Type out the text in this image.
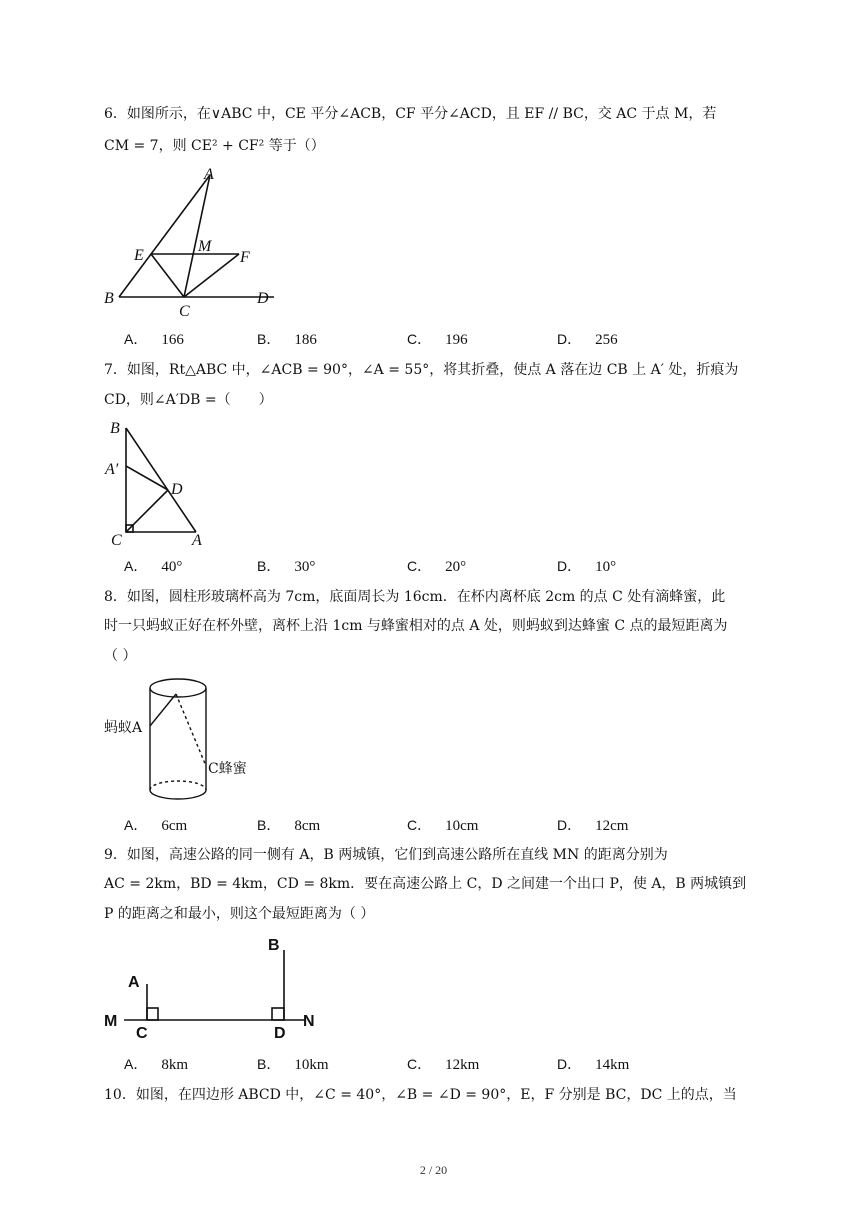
6．如图所示，在∨ABC 中，CE 平分∠ACB，CF 平分∠ACD，且 EF // BC，交 AC 于点 M，若
CM = 7，则 CE² + CF² 等于（）
A
B
C
D
E	F
M
A． 166	B． 186	C． 196	D． 256
7．如图，Rt△ABC 中，∠ACB = 90°，∠A = 55°，将其折叠，使点 A 落在边 CB 上 A′ 处，折痕为
CD，则∠A′DB =（　　）
B
A′
D
C	A
A． 40°	B． 30°	C． 20°	D． 10°
8．如图，圆柱形玻璃杯高为 7cm，底面周长为 16cm．在杯内离杯底 2cm 的点 C 处有滴蜂蜜，此
时一只蚂蚁正好在杯外壁，离杯上沿 1cm 与蜂蜜相对的点 A 处，则蚂蚁到达蜂蜜 C 点的最短距离为
（ ）
蚂蚁A
C蜂蜜
A． 6cm	B． 8cm	C． 10cm	D． 12cm
9．如图，高速公路的同一侧有 A，B 两城镇，它们到高速公路所在直线 MN 的距离分别为
AC = 2km，BD = 4km，CD = 8km．要在高速公路上 C，D 之间建一个出口 P，使 A，B 两城镇到
P 的距离之和最小，则这个最短距离为（ ）
A
B
C	D
M	N
A． 8km	B． 10km	C． 12km	D． 14km
10．如图，在四边形 ABCD 中，∠C = 40°，∠B = ∠D = 90°，E，F 分别是 BC，DC 上的点，当
2 / 20
